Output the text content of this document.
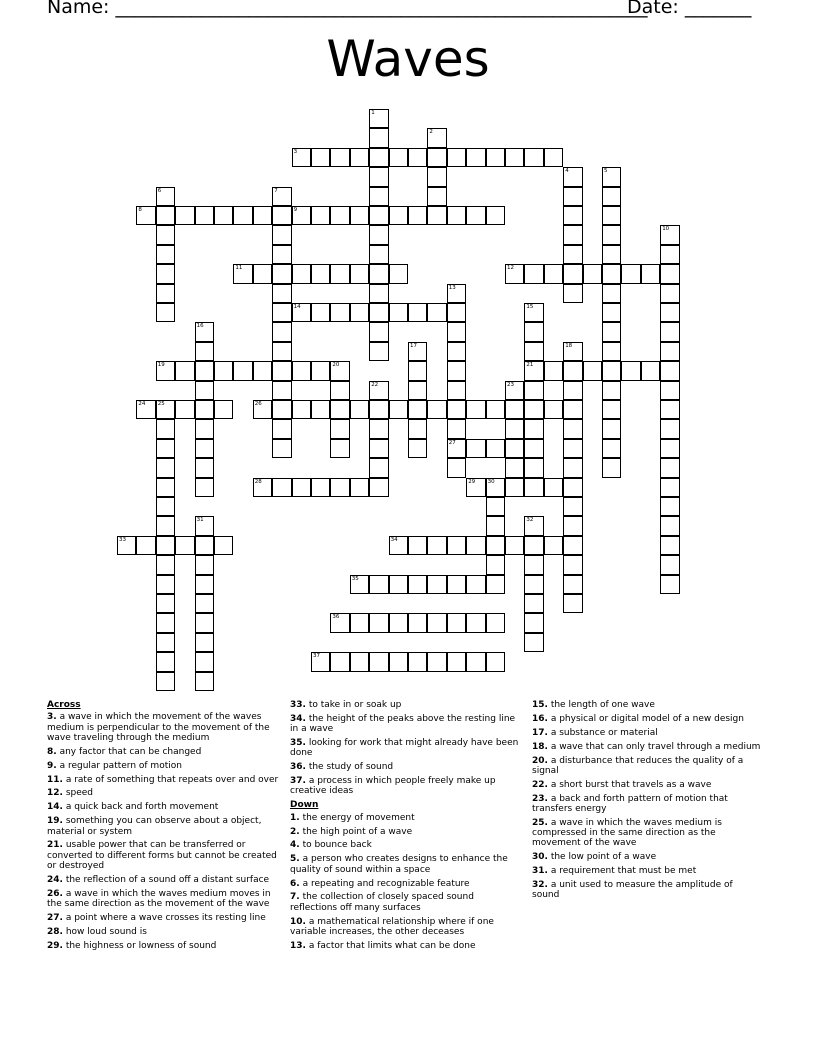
Name: ________________________________________________________
Date: _______
Waves
1
2
3
4	5
6	7
8	9
10
11	12
13
27
14	15
21
16
17	18
19	20
22	23
24 25	26
28	29 30
31	32
33	34
35
36
37
Across
3. a wave in which the movement of the waves medium is perpendicular to the movement of the wave traveling through the medium
8. any factor that can be changed
9. a regular pattern of motion
11. a rate of something that repeats over and over
12. speed
14. a quick back and forth movement
19. something you can observe about a object, material or system
21. usable power that can be transferred or converted to different forms but cannot be created or destroyed
24. the reflection of a sound off a distant surface
26. a wave in which the waves medium moves in the same direction as the movement of the wave
27. a point where a wave crosses its resting line
28. how loud sound is
29. the highness or lowness of sound
33. to take in or soak up
34. the height of the peaks above the resting line in a wave
35. looking for work that might already have been done
36. the study of sound
37. a process in which people freely make up creative ideas
Down
1. the energy of movement
2. the high point of a wave
4. to bounce back
5. a person who creates designs to enhance the quality of sound within a space
6. a repeating and recognizable feature
7. the collection of closely spaced sound reflections off many surfaces
10. a mathematical relationship where if one variable increases, the other deceases
13. a factor that limits what can be done
15. the length of one wave
16. a physical or digital model of a new design
17. a substance or material
18. a wave that can only travel through a medium
20. a disturbance that reduces the quality of a signal
22. a short burst that travels as a wave
23. a back and forth pattern of motion that transfers energy
25. a wave in which the waves medium is compressed in the same direction as the movement of the wave
30. the low point of a wave
31. a requirement that must be met
32. a unit used to measure the amplitude of sound
